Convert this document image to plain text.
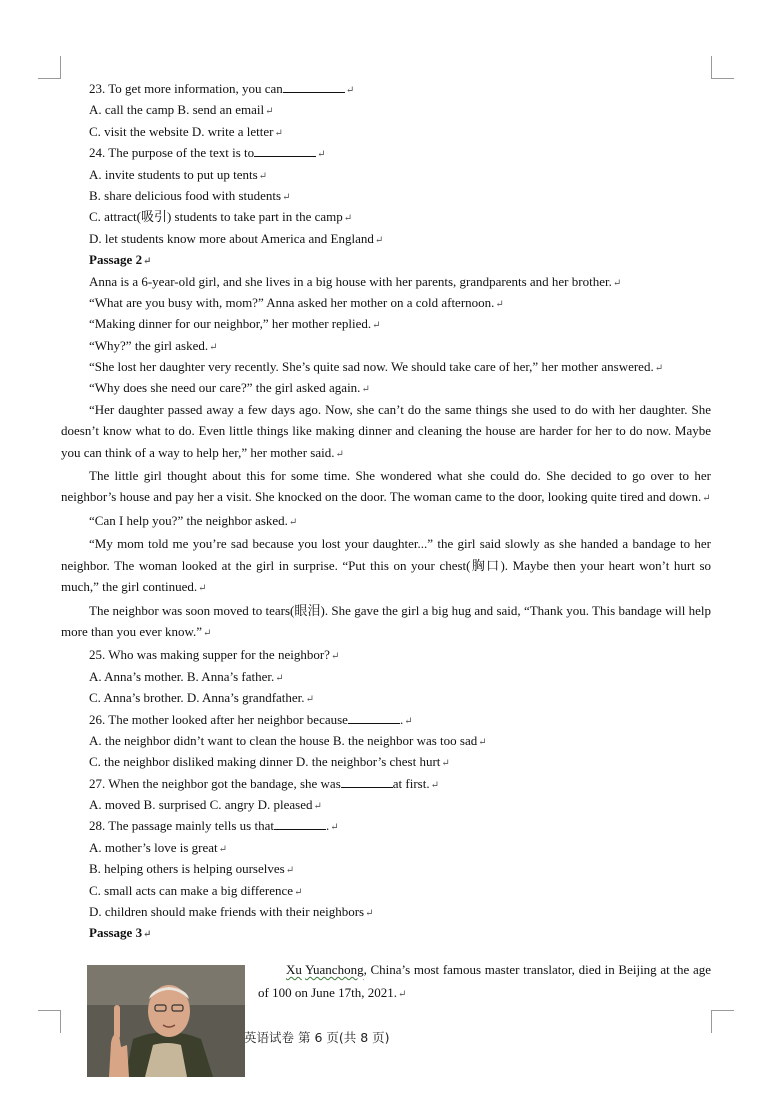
23. To get more information, you can	↵
A. call the camp B. send an email↵
C. visit the website D. write a letter↵
24. The purpose of the text is to	↵
A. invite students to put up tents↵
B. share delicious food with students↵
C. attract(吸引) students to take part in the camp↵
D. let students know more about America and England↵
Passage 2↵
Anna is a 6-year-old girl, and she lives in a big house with her parents, grandparents and her brother.↵
“What are you busy with, mom?” Anna asked her mother on a cold afternoon.↵
“Making dinner for our neighbor,” her mother replied.↵
“Why?” the girl asked.↵
“She lost her daughter very recently. She’s quite sad now. We should take care of her,” her mother answered.↵
“Why does she need our care?” the girl asked again.↵
“Her daughter passed away a few days ago. Now, she can’t do the same things she used to do with her daughter. She doesn’t know what to do. Even little things like making dinner and cleaning the house are harder for her to do now. Maybe you can think of a way to help her,” her mother said.↵
The little girl thought about this for some time. She wondered what she could do. She decided to go over to her neighbor’s house and pay her a visit. She knocked on the door. The woman came to the door, looking quite tired and down.↵
“Can I help you?” the neighbor asked.↵
“My mom told me you’re sad because you lost your daughter...” the girl said slowly as she handed a bandage to her neighbor. The woman looked at the girl in surprise. “Put this on your chest(胸口). Maybe then your heart won’t hurt so much,” the girl continued.↵
The neighbor was soon moved to tears(眼泪). She gave the girl a big hug and said, “Thank you. This bandage will help more than you ever know.”↵
25. Who was making supper for the neighbor?↵
A. Anna’s mother. B. Anna’s father.↵
C. Anna’s brother. D. Anna’s grandfather.↵
26. The mother looked after her neighbor because	.↵
A. the neighbor didn’t want to clean the house B. the neighbor was too sad↵
C. the neighbor disliked making dinner D. the neighbor’s chest hurt↵
27. When the neighbor got the bandage, she was	at first.↵
A. moved B. surprised C. angry D. pleased↵
28. The passage mainly tells us that	.↵
A. mother’s love is great↵
B. helping others is helping ourselves↵
C. small acts can make a big difference↵
D. children should make friends with their neighbors↵
Passage 3↵
Xu Yuanchong, China’s most famous master translator, died in Beijing at the age of 100 on June 17th, 2021.↵
英语试卷 第 6 页(共 8 页)
